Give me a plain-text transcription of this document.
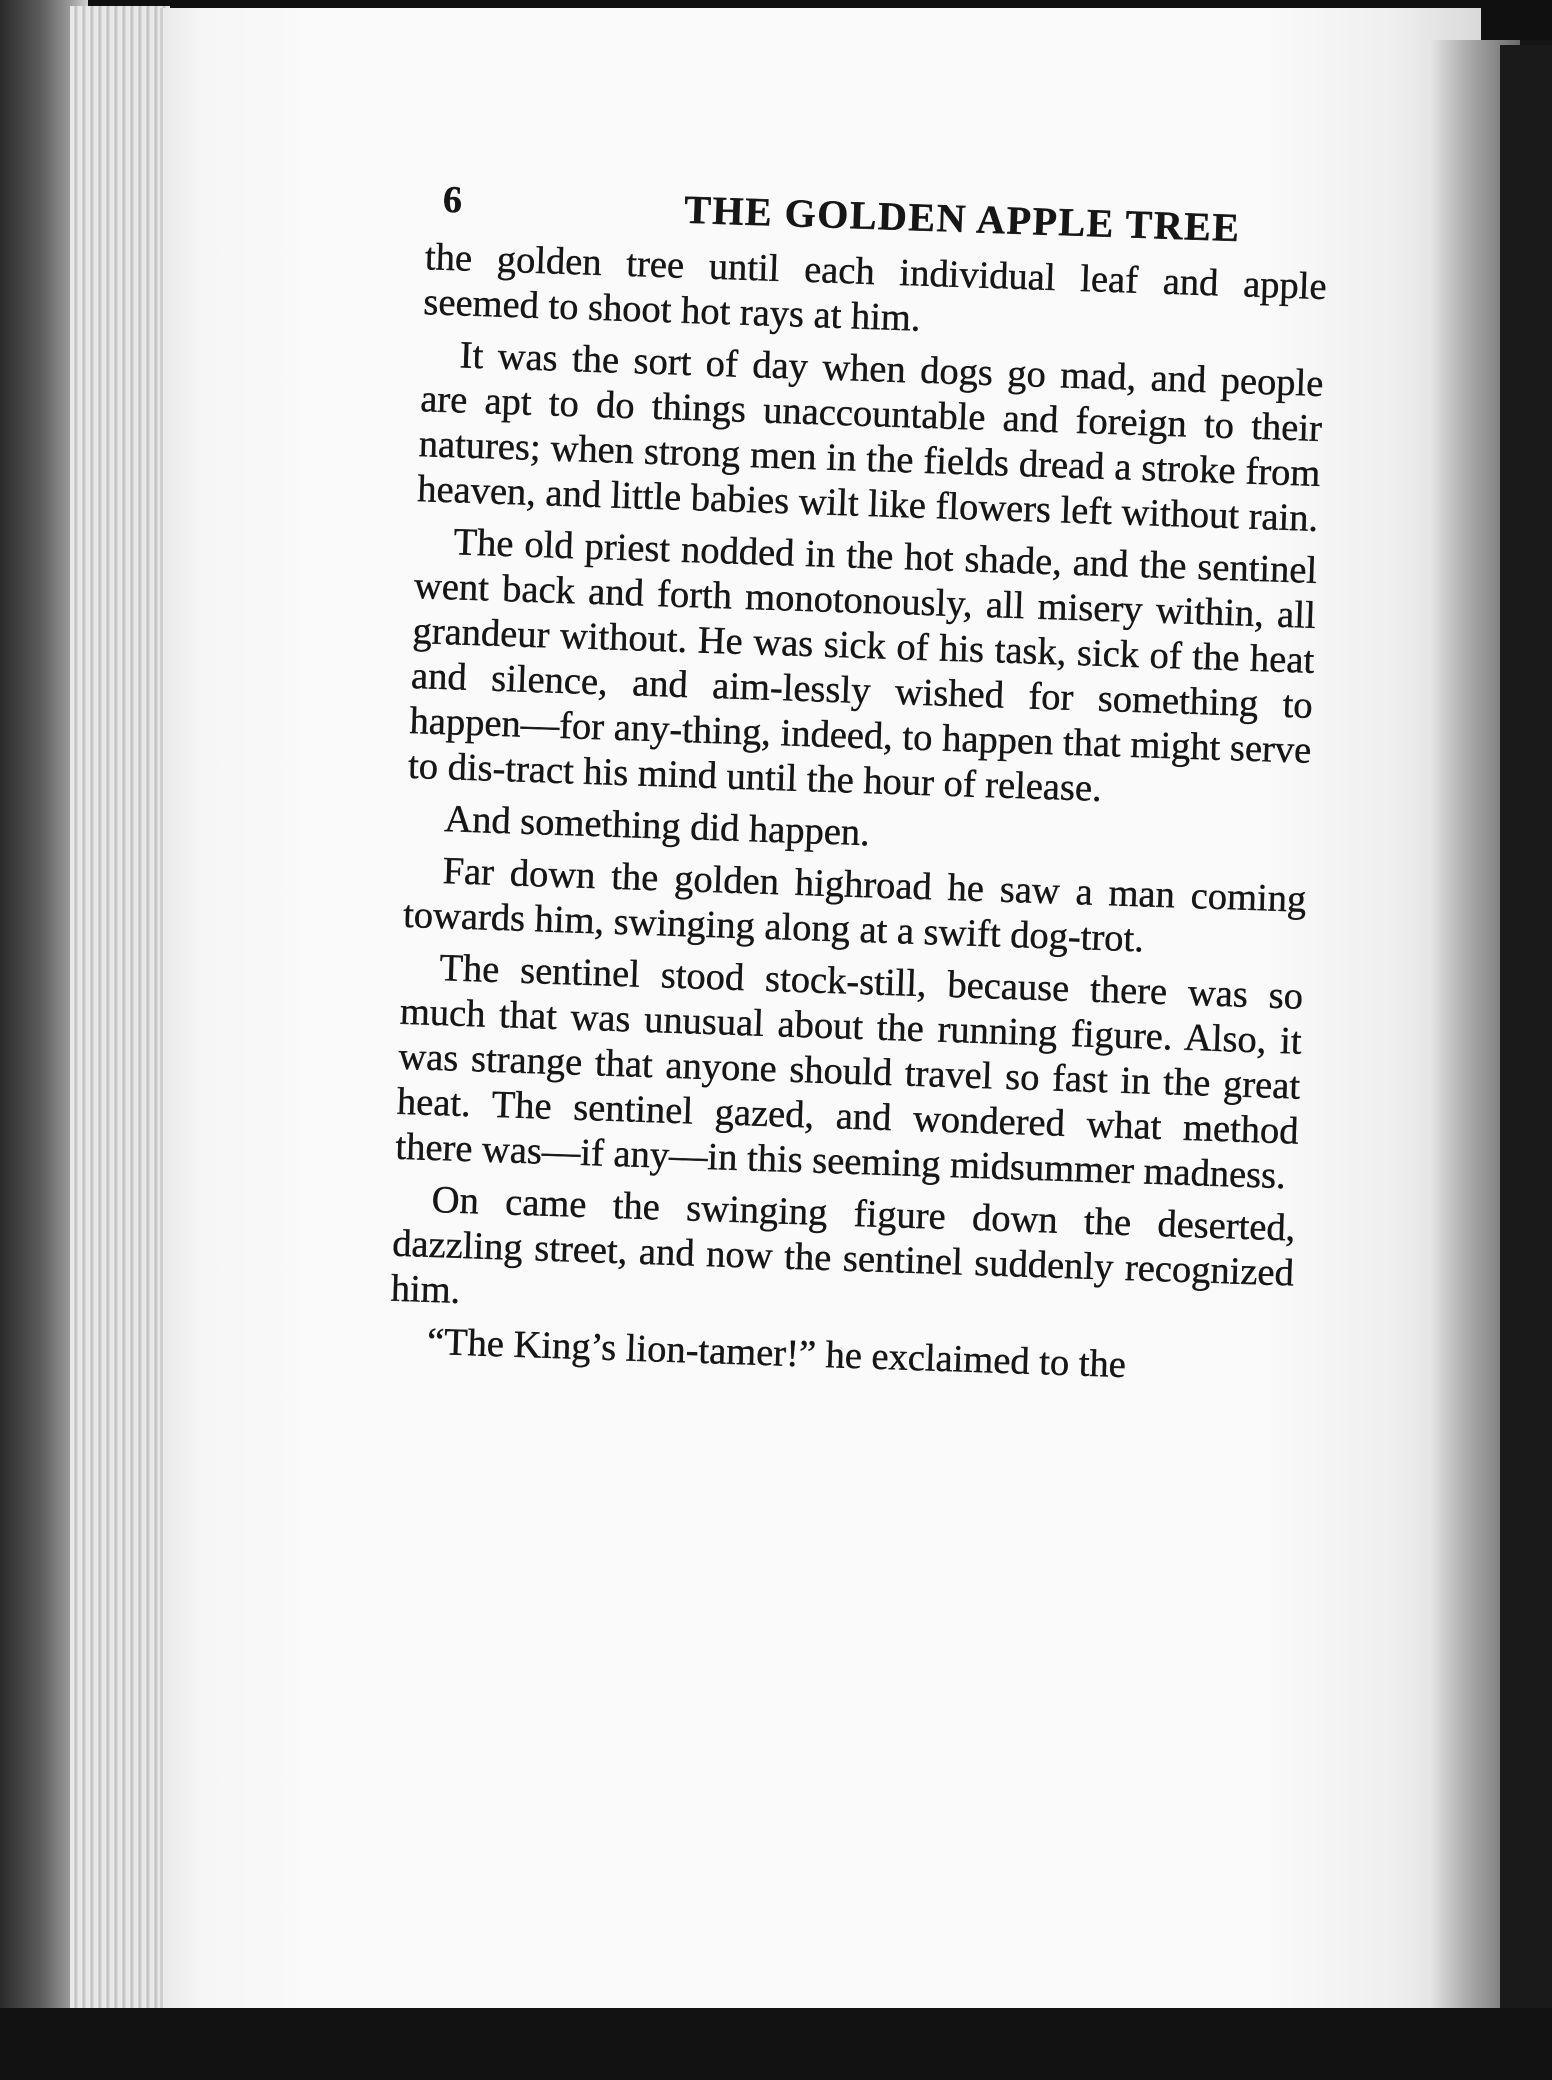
6	THE GOLDEN APPLE TREE

the golden tree until each individual leaf and apple seemed to shoot hot rays at him.

It was the sort of day when dogs go mad, and people are apt to do things unaccountable and foreign to their natures; when strong men in the fields dread a stroke from heaven, and little babies wilt like flowers left without rain.

The old priest nodded in the hot shade, and the sentinel went back and forth monotonously, all misery within, all grandeur without. He was sick of his task, sick of the heat and silence, and aim-lessly wished for something to happen—for any-thing, indeed, to happen that might serve to dis-tract his mind until the hour of release.

And something did happen.

Far down the golden highroad he saw a man coming towards him, swinging along at a swift dog-trot.

The sentinel stood stock-still, because there was so much that was unusual about the running figure. Also, it was strange that anyone should travel so fast in the great heat. The sentinel gazed, and wondered what method there was—if any—in this seeming midsummer madness.

On came the swinging figure down the deserted, dazzling street, and now the sentinel suddenly recognized him.

“The King’s lion-tamer!” he exclaimed to the
